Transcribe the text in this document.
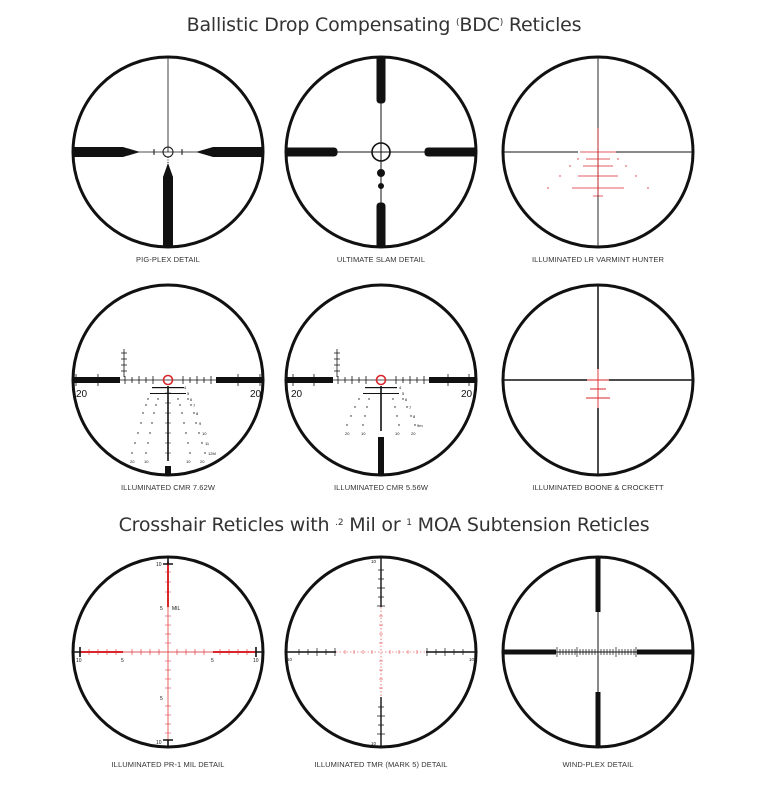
Ballistic Drop Compensating (BDC) Reticles
Crosshair Reticles with $^{.2}$ Mil or $^1$ MOA Subtension Reticles
PIG-PLEX DETAIL	ULTIMATE SLAM DETAIL	ILLUMINATED LR VARMINT HUNTER
20	20
4
5
6
7
8
9
10
11
12M
20 10	10 20
ILLUMINATED CMR 7.62W
20	20
4
5
6
7
8
9m
20	10	10	20
ILLUMINATED CMR 5.56W	ILLUMINATED BOONE & CROCKETT
10
5 MIL
5
10
10	5	5	10
ILLUMINATED PR-1 MIL DETAIL
10
10
10	10
ILLUMINATED TMR (MARK 5) DETAIL	WIND-PLEX DETAIL
